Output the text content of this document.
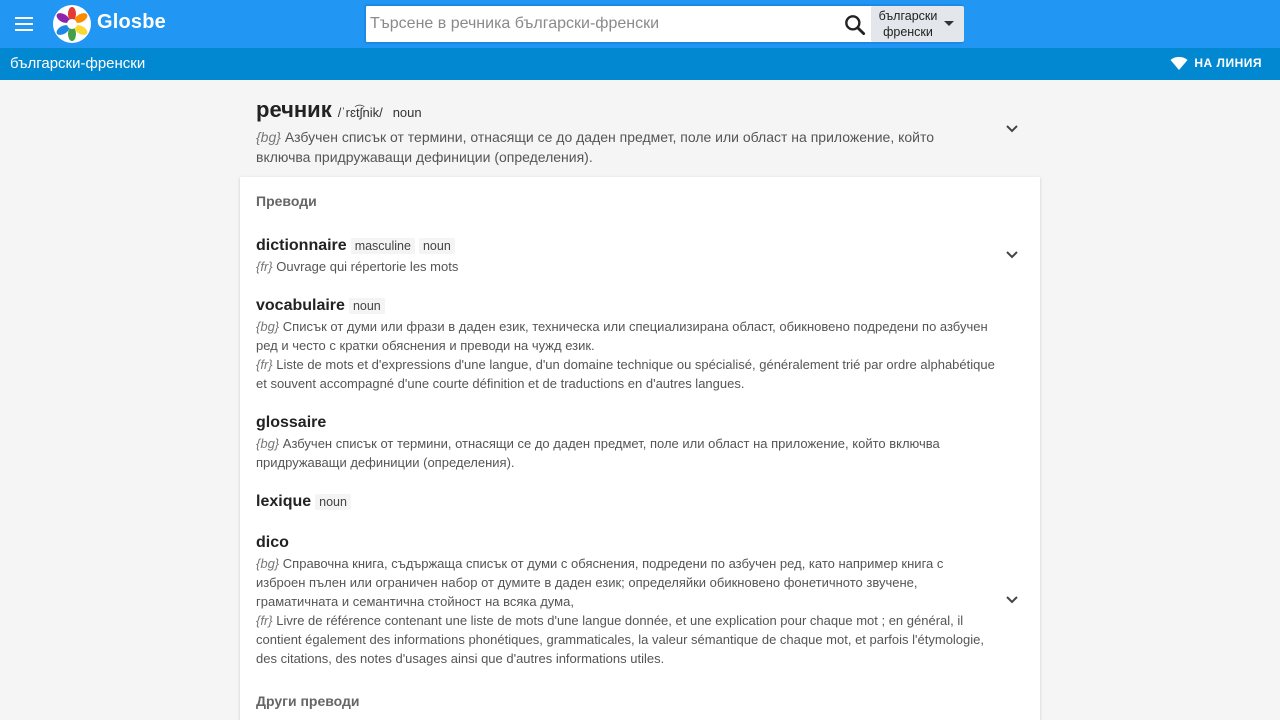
Glosbe
Търсене в речника български-френски	български
френски
български-френски	НА ЛИНИЯ
речник /ˈrɛt͡ʃnik/ noun
{bg} Азбучен списък от термини, отнасящи се до даден предмет, поле или област на приложение, който включва придружаващи дефиниции (определения).
Преводи
dictionnaire masculine noun
{fr} Ouvrage qui répertorie les mots
vocabulaire noun
{bg} Списък от думи или фрази в даден език, техническа или специализирана област, обикновено подредени по азбучен ред и често с кратки обяснения и преводи на чужд език.
{fr} Liste de mots et d'expressions d'une langue, d'un domaine technique ou spécialisé, généralement trié par ordre alphabétique et souvent accompagné d'une courte définition et de traductions en d'autres langues.
glossaire
{bg} Азбучен списък от термини, отнасящи се до даден предмет, поле или област на приложение, който включва придружаващи дефиниции (определения).
lexique noun
dico
{bg} Справочна книга, съдържаща списък от думи с обяснения, подредени по азбучен ред, като например книга с изброен пълен или ограничен набор от думите в даден език; определяйки обикновено фонетичното звучене, граматичната и семантична стойност на всяка дума,
{fr} Livre de référence contenant une liste de mots d'une langue donnée, et une explication pour chaque mot ; en général, il contient également des informations phonétiques, grammaticales, la valeur sémantique de chaque mot, et parfois l'étymologie, des citations, des notes d'usages ainsi que d'autres informations utiles.
Други преводи
